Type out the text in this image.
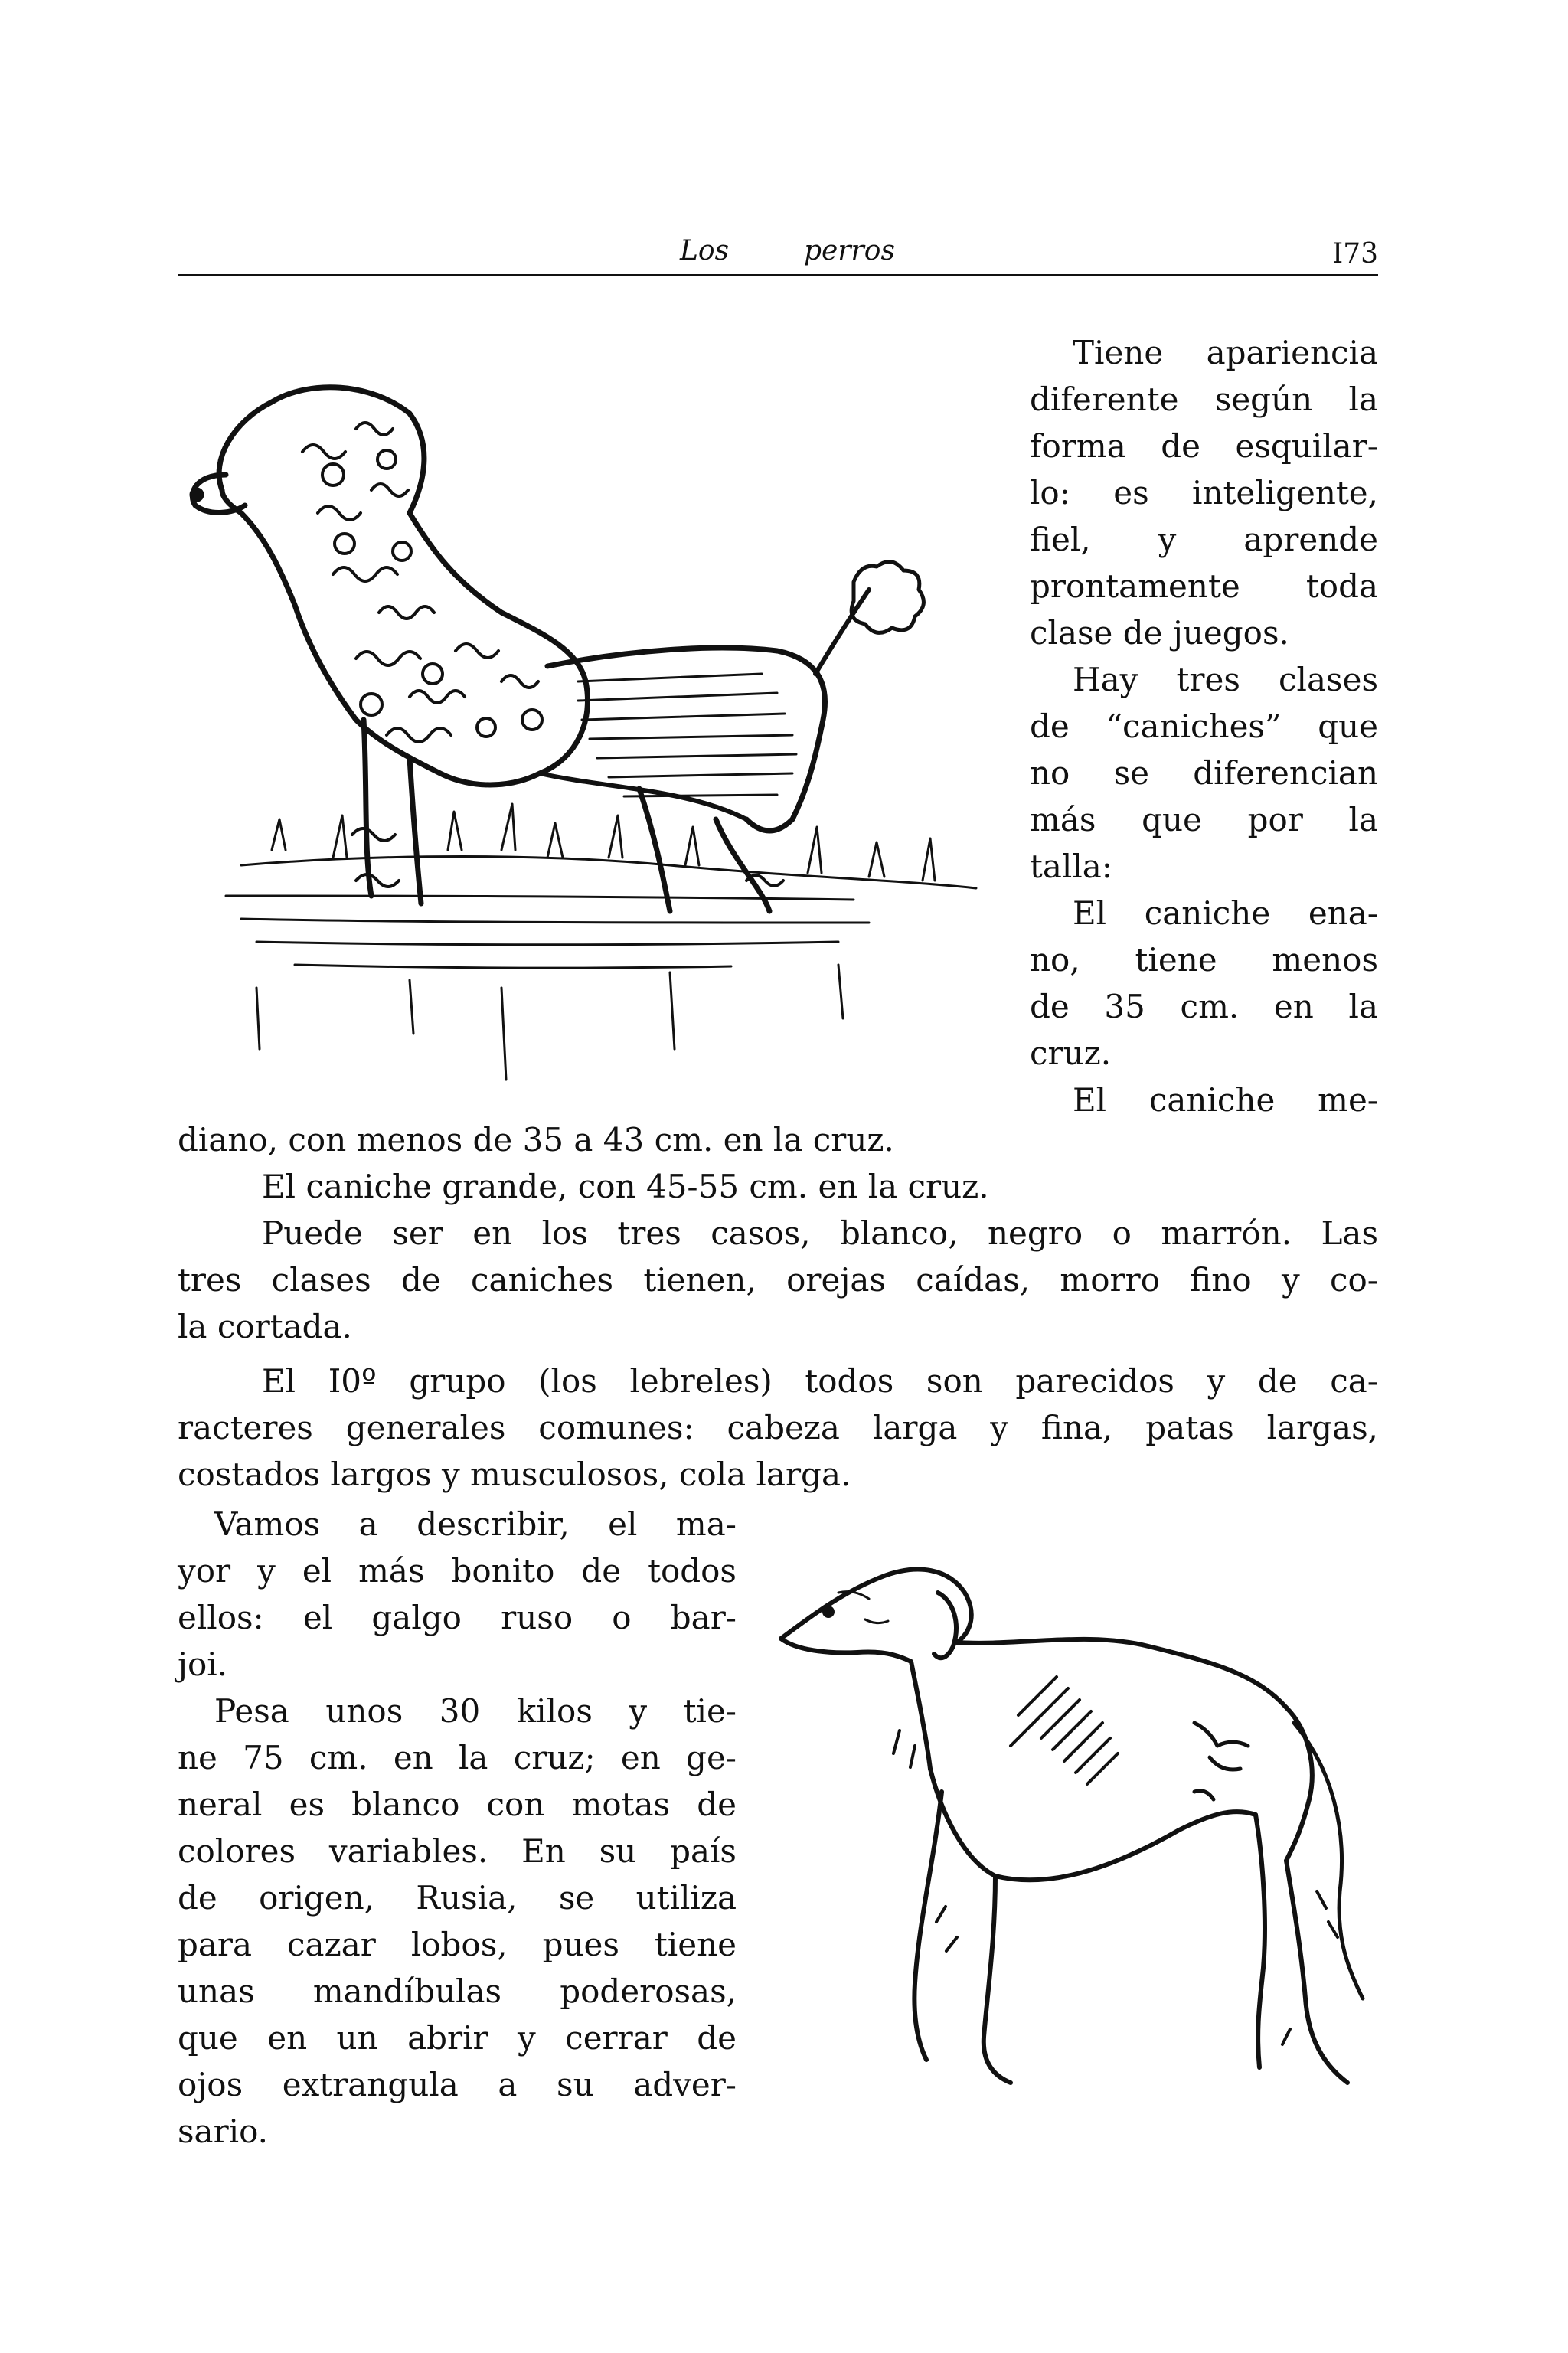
Los	perros	I73
Tiene apariencia
diferente según la
forma de esquilar-
lo: es inteligente,
fiel, y aprende
prontamente toda
clase de juegos.
Hay tres clases
de “caniches” que
no se diferencian
más que por la
talla:
El caniche ena-
no, tiene menos
de 35 cm. en la
cruz.
El caniche me-
diano, con menos de 35 a 43 cm. en la cruz.
El caniche grande, con 45-55 cm. en la cruz.
Puede ser en los tres casos, blanco, negro o marrón. Las
tres clases de caniches tienen, orejas caídas, morro fino y co-
la cortada.
El I0º grupo (los lebreles) todos son parecidos y de ca-
racteres generales comunes: cabeza larga y fina, patas largas,
costados largos y musculosos, cola larga.
Vamos a describir, el ma-
yor y el más bonito de todos
ellos: el galgo ruso o bar-
joi.
Pesa unos 30 kilos y tie-
ne 75 cm. en la cruz; en ge-
neral es blanco con motas de
colores variables. En su país
de origen, Rusia, se utiliza
para cazar lobos, pues tiene
unas mandíbulas poderosas,
que en un abrir y cerrar de
ojos extrangula a su adver-
sario.
